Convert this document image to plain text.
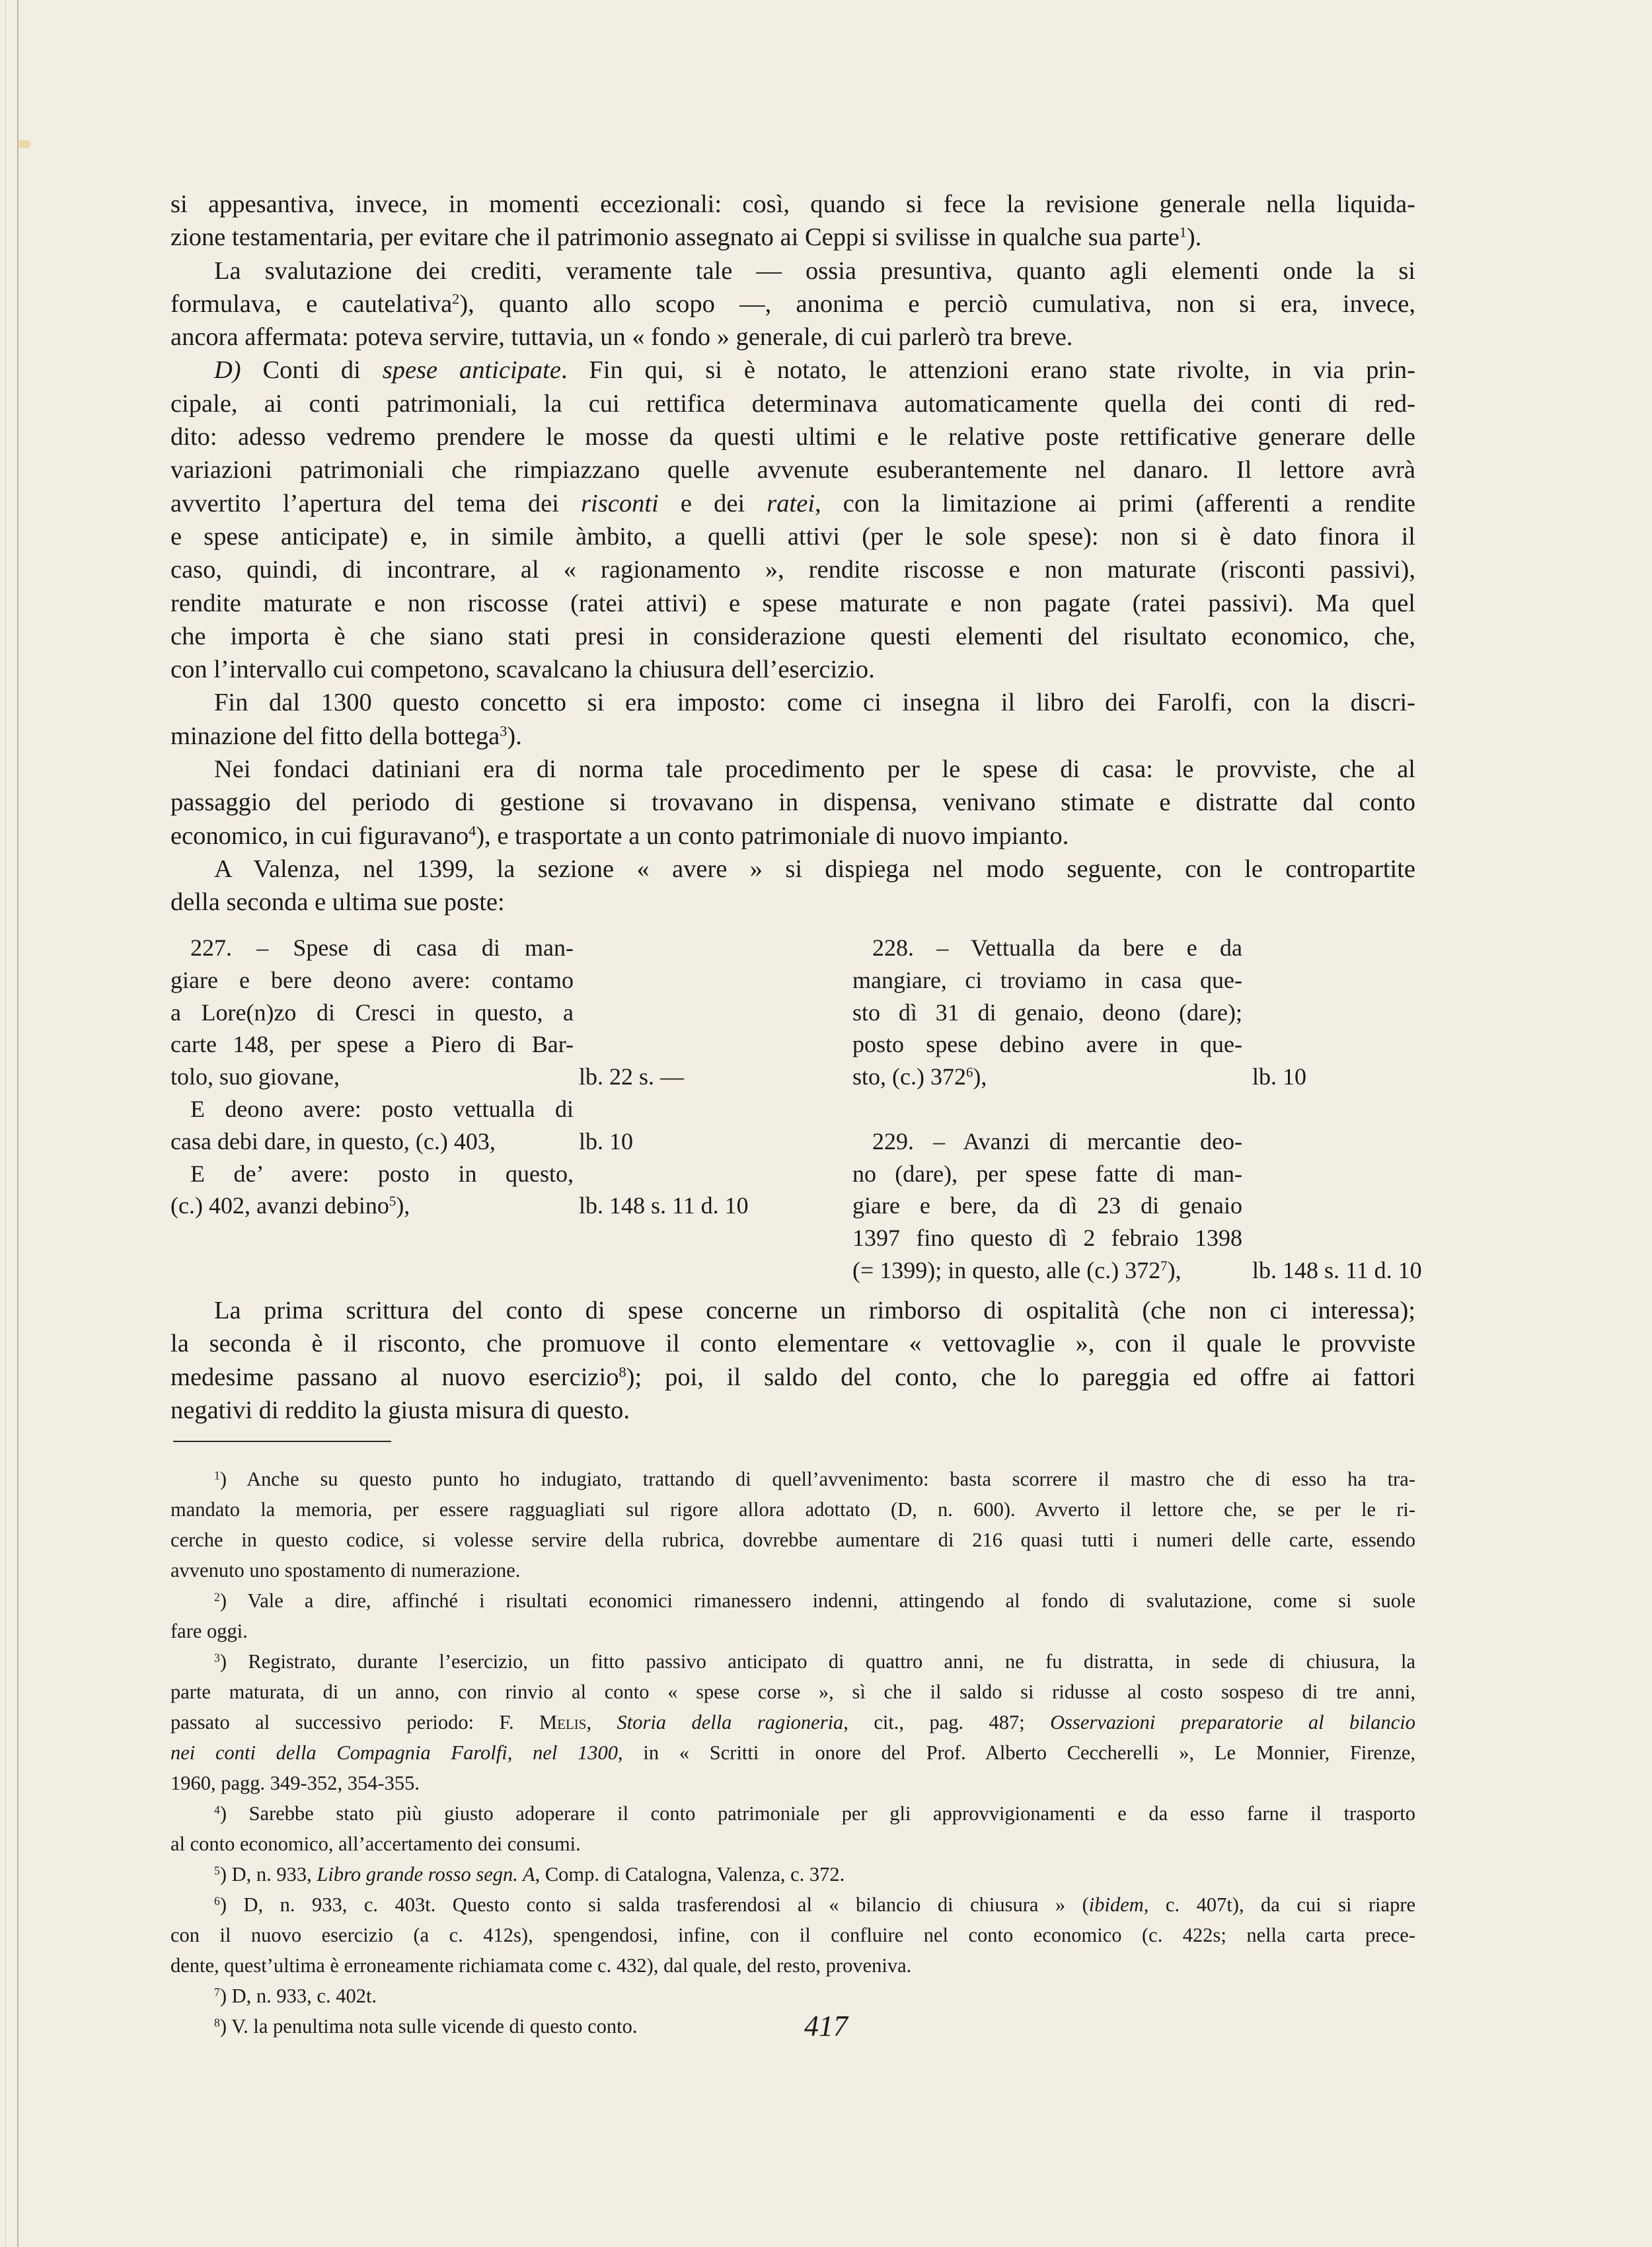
si appesantiva, invece, in momenti eccezionali: così, quando si fece la revisione generale nella liquida-
zione testamentaria, per evitare che il patrimonio assegnato ai Ceppi si svilisse in qualche sua parte$^1$).
La svalutazione dei crediti, veramente tale — ossia presuntiva, quanto agli elementi onde la si
formulava, e cautelativa$^2$), quanto allo scopo —, anonima e perciò cumulativa, non si era, invece,
ancora affermata: poteva servire, tuttavia, un « fondo » generale, di cui parlerò tra breve.
D) Conti di spese anticipate. Fin qui, si è notato, le attenzioni erano state rivolte, in via prin-
cipale, ai conti patrimoniali, la cui rettifica determinava automaticamente quella dei conti di red-
dito: adesso vedremo prendere le mosse da questi ultimi e le relative poste rettificative generare delle
variazioni patrimoniali che rimpiazzano quelle avvenute esuberantemente nel danaro. Il lettore avrà
avvertito l’apertura del tema dei risconti e dei ratei, con la limitazione ai primi (afferenti a rendite
e spese anticipate) e, in simile àmbito, a quelli attivi (per le sole spese): non si è dato finora il
caso, quindi, di incontrare, al « ragionamento », rendite riscosse e non maturate (risconti passivi),
rendite maturate e non riscosse (ratei attivi) e spese maturate e non pagate (ratei passivi). Ma quel
che importa è che siano stati presi in considerazione questi elementi del risultato economico, che,
con l’intervallo cui competono, scavalcano la chiusura dell’esercizio.
Fin dal 1300 questo concetto si era imposto: come ci insegna il libro dei Farolfi, con la discri-
minazione del fitto della bottega$^3$).
Nei fondaci datiniani era di norma tale procedimento per le spese di casa: le provviste, che al
passaggio del periodo di gestione si trovavano in dispensa, venivano stimate e distratte dal conto
economico, in cui figuravano$^4$), e trasportate a un conto patrimoniale di nuovo impianto.
A Valenza, nel 1399, la sezione « avere » si dispiega nel modo seguente, con le contropartite
della seconda e ultima sue poste:
227. – Spese di casa di man-
giare e bere deono avere: contamo
a Lore(n)zo di Cresci in questo, a
carte 148, per spese a Piero di Bar-
tolo, suo giovane,	lb. 22 s. —
E deono avere: posto vettualla di
casa debi dare, in questo, (c.) 403,	lb. 10
E de’ avere: posto in questo,
(c.) 402, avanzi debino$^5$),	lb. 148 s. 11 d. 10
228. – Vettualla da bere e da
mangiare, ci troviamo in casa que-
sto dì 31 di genaio, deono (dare);
posto spese debino avere in que-
sto, (c.) $372^6$),	lb. 10
229. – Avanzi di mercantie deo-
no (dare), per spese fatte di man-
giare e bere, da dì 23 di genaio
1397 fino questo dì 2 febraio 1398
(= 1399); in questo, alle (c.) $372^7$),	lb. 148 s. 11 d. 10
La prima scrittura del conto di spese concerne un rimborso di ospitalità (che non ci interessa);
la seconda è il risconto, che promuove il conto elementare « vettovaglie », con il quale le provviste
medesime passano al nuovo esercizio$^8$); poi, il saldo del conto, che lo pareggia ed offre ai fattori
negativi di reddito la giusta misura di questo.
$^1$) Anche su questo punto ho indugiato, trattando di quell’avvenimento: basta scorrere il mastro che di esso ha tra-
mandato la memoria, per essere ragguagliati sul rigore allora adottato (D, n. 600). Avverto il lettore che, se per le ri-
cerche in questo codice, si volesse servire della rubrica, dovrebbe aumentare di 216 quasi tutti i numeri delle carte, essendo
avvenuto uno spostamento di numerazione.
$^2$) Vale a dire, affinché i risultati economici rimanessero indenni, attingendo al fondo di svalutazione, come si suole
fare oggi.
$^3$) Registrato, durante l’esercizio, un fitto passivo anticipato di quattro anni, ne fu distratta, in sede di chiusura, la
parte maturata, di un anno, con rinvio al conto « spese corse », sì che il saldo si ridusse al costo sospeso di tre anni,
passato al successivo periodo: F. Melis, Storia della ragioneria, cit., pag. 487; Osservazioni preparatorie al bilancio
nei conti della Compagnia Farolfi, nel 1300, in « Scritti in onore del Prof. Alberto Ceccherelli », Le Monnier, Firenze,
1960, pagg. 349-352, 354-355.
$^4$) Sarebbe stato più giusto adoperare il conto patrimoniale per gli approvvigionamenti e da esso farne il trasporto
al conto economico, all’accertamento dei consumi.
$^5$) D, n. 933, Libro grande rosso segn. A, Comp. di Catalogna, Valenza, c. 372.
$^6$) D, n. 933, c. 403t. Questo conto si salda trasferendosi al « bilancio di chiusura » (ibidem, c. 407t), da cui si riapre
con il nuovo esercizio (a c. 412s), spengendosi, infine, con il confluire nel conto economico (c. 422s; nella carta prece-
dente, quest’ultima è erroneamente richiamata come c. 432), dal quale, del resto, proveniva.
$^7$) D, n. 933, c. 402t.
$^8$) V. la penultima nota sulle vicende di questo conto.	417
